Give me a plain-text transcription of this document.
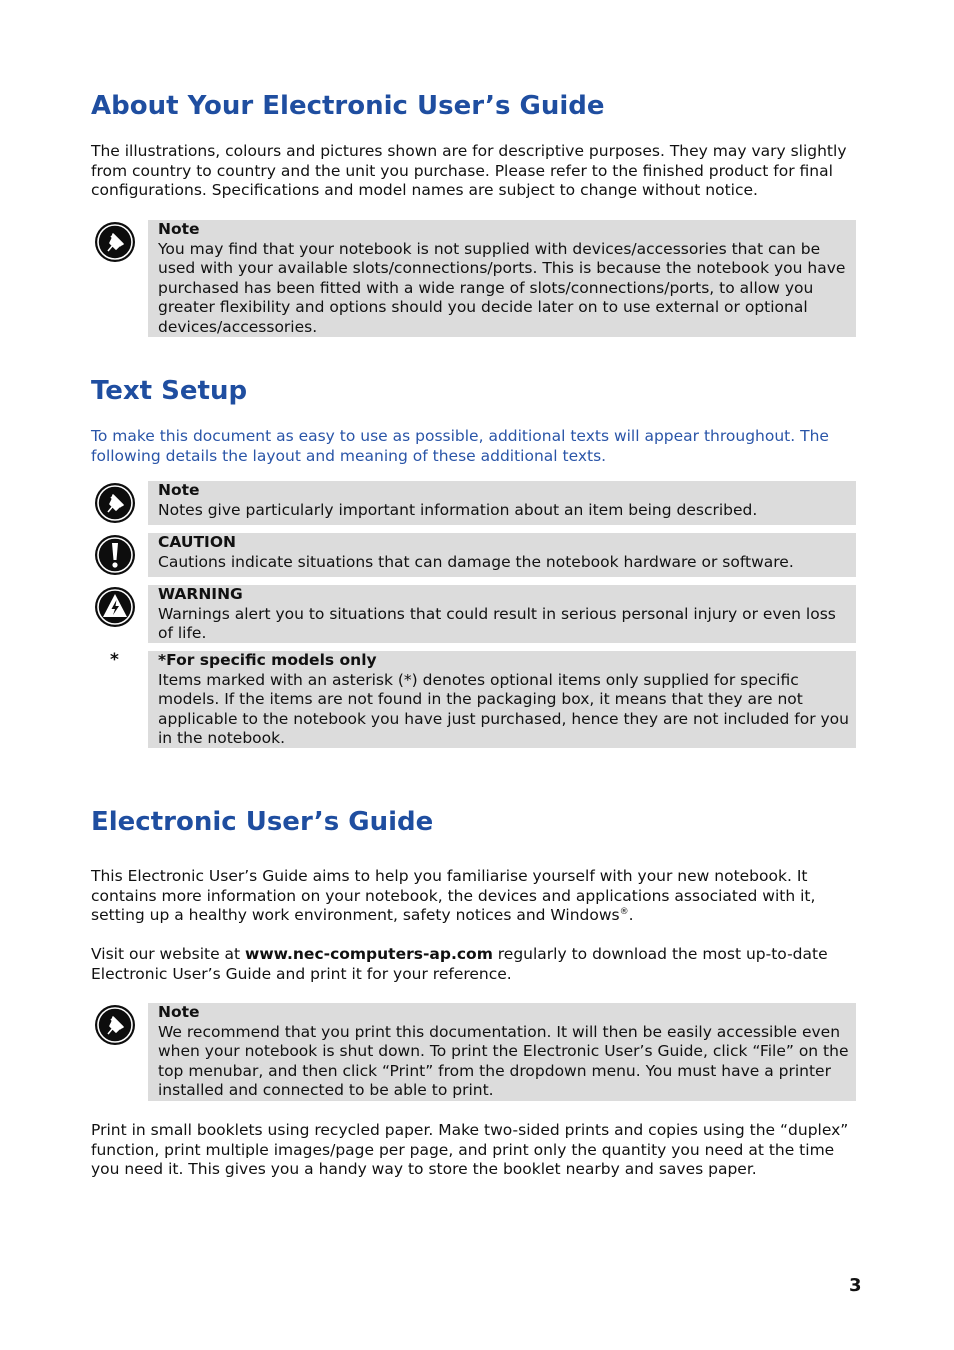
About Your Electronic User’s Guide

The illustrations, colours and pictures shown are for descriptive purposes. They may vary slightly from country to country and the unit you purchase. Please refer to the finished product for final configurations. Specifications and model names are subject to change without notice.

Note
You may find that your notebook is not supplied with devices/accessories that can be used with your available slots/connections/ports. This is because the notebook you have purchased has been fitted with a wide range of slots/connections/ports, to allow you greater flexibility and options should you decide later on to use external or optional devices/accessories.
Text Setup

To make this document as easy to use as possible, additional texts will appear throughout. The following details the layout and meaning of these additional texts.

Note
Notes give particularly important information about an item being described.
CAUTION
Cautions indicate situations that can damage the notebook hardware or software.
WARNING
Warnings alert you to situations that could result in serious personal injury or even loss of life.
*	*For specific models only
Items marked with an asterisk (*) denotes optional items only supplied for specific models. If the items are not found in the packaging box, it means that they are not applicable to the notebook you have just purchased, hence they are not included for you in the notebook.
Electronic User’s Guide

This Electronic User’s Guide aims to help you familiarise yourself with your new notebook. It contains more information on your notebook, the devices and applications associated with it, setting up a healthy work environment, safety notices and Windows®.

Visit our website at www.nec-computers-ap.com regularly to download the most up-to-date Electronic User’s Guide and print it for your reference.

Note
We recommend that you print this documentation. It will then be easily accessible even when your notebook is shut down. To print the Electronic User’s Guide, click “File” on the top menubar, and then click “Print” from the dropdown menu. You must have a printer installed and connected to be able to print.

Print in small booklets using recycled paper. Make two-sided prints and copies using the “duplex” function, print multiple images/page per page, and print only the quantity you need at the time you need it. This gives you a handy way to store the booklet nearby and saves paper.

3
